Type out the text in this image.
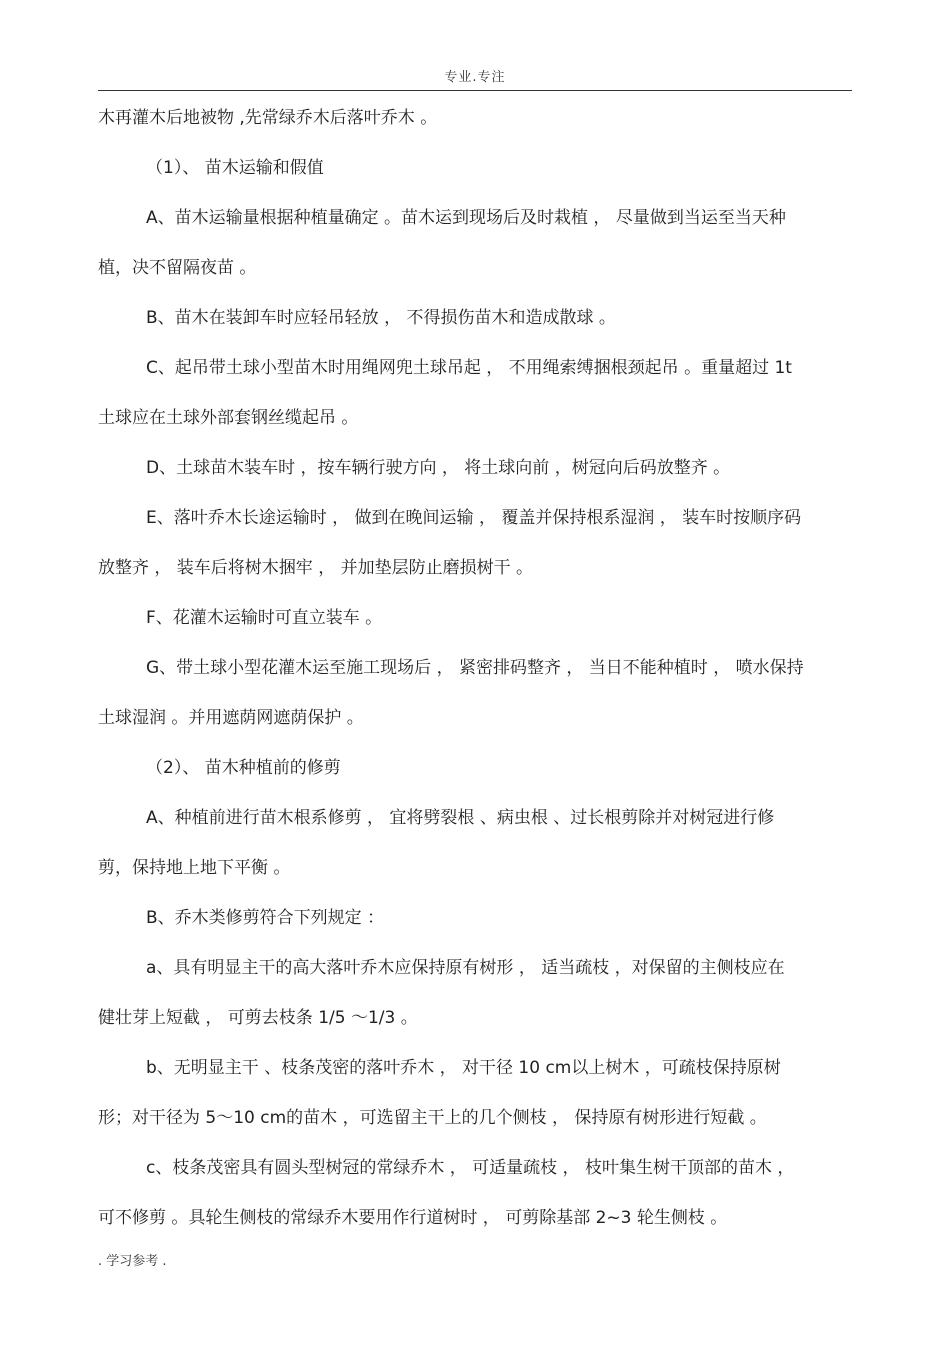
专业.专注
木再灌木后地被物 ,先常绿乔木后落叶乔木 。
（1）、 苗木运输和假值
A、苗木运输量根据种植量确定 。苗木运到现场后及时栽植 ， 尽量做到当运至当天种
植，决不留隔夜苗 。
B、苗木在装卸车时应轻吊轻放 ， 不得损伤苗木和造成散球 。
C、起吊带土球小型苗木时用绳网兜土球吊起 ， 不用绳索缚捆根颈起吊 。重量超过 1t
土球应在土球外部套钢丝缆起吊 。
D、土球苗木装车时 ，按车辆行驶方向 ， 将土球向前 ，树冠向后码放整齐 。
E、落叶乔木长途运输时 ， 做到在晚间运输 ， 覆盖并保持根系湿润 ， 装车时按顺序码
放整齐 ， 装车后将树木捆牢 ， 并加垫层防止磨损树干 。
F、花灌木运输时可直立装车 。
G、带土球小型花灌木运至施工现场后 ， 紧密排码整齐 ， 当日不能种植时 ， 喷水保持
土球湿润 。并用遮荫网遮荫保护 。
（2）、 苗木种植前的修剪
A、种植前进行苗木根系修剪 ， 宜将劈裂根 、病虫根 、过长根剪除并对树冠进行修
剪，保持地上地下平衡 。
B、乔木类修剪符合下列规定 ：
a、具有明显主干的高大落叶乔木应保持原有树形 ， 适当疏枝 ，对保留的主侧枝应在
健壮芽上短截 ， 可剪去枝条 1/5 ～1/3 。
b、无明显主干 、枝条茂密的落叶乔木 ， 对干径 10 cm以上树木 ，可疏枝保持原树
形；对干径为 5～10 cm的苗木 ，可选留主干上的几个侧枝 ， 保持原有树形进行短截 。
c、枝条茂密具有圆头型树冠的常绿乔木 ， 可适量疏枝 ， 枝叶集生树干顶部的苗木 ，
可不修剪 。具轮生侧枝的常绿乔木要用作行道树时 ， 可剪除基部 2~3 轮生侧枝 。
. 学习参考 .
